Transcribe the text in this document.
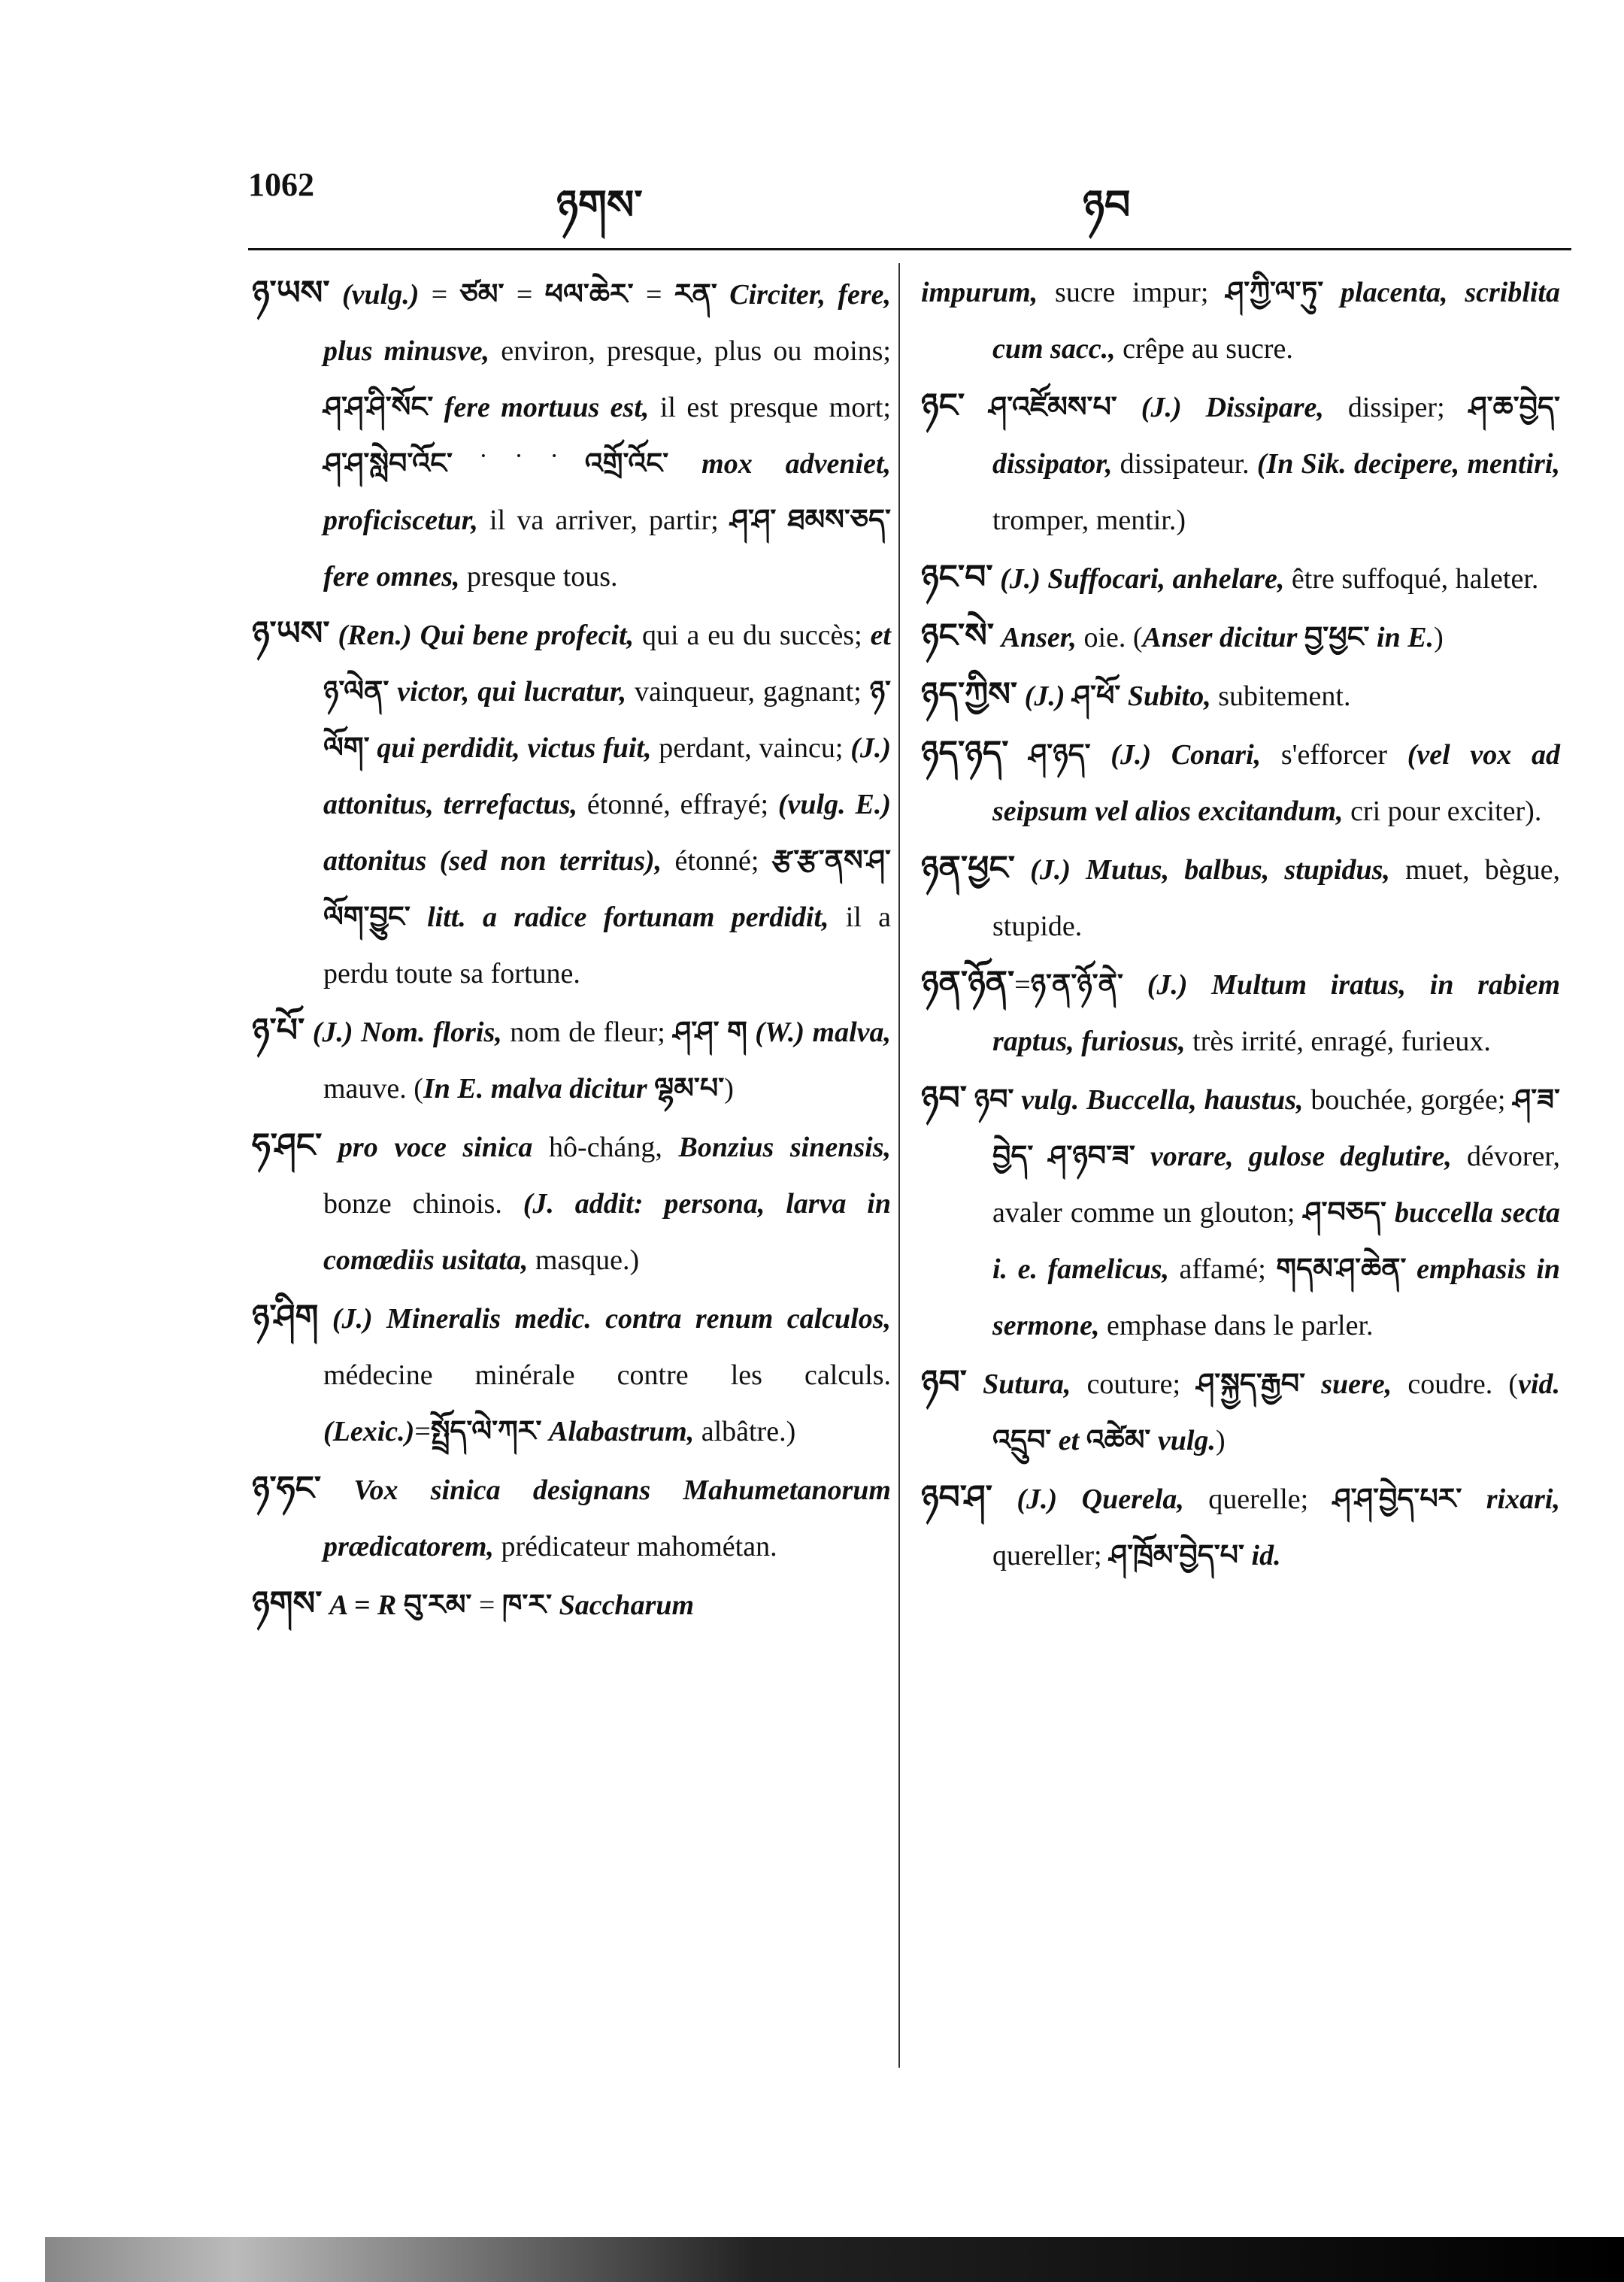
1062	ཉགས་	ཉབ

ཉ་ཡས་ (vulg.) = ཙམ་ = ཕལ་ཆེར་ = རན་ Circiter, fere, plus minusve, environ, presque, plus ou moins; ཤ་ཤ་ཤི་སོང་ fere mortuus est, il est presque mort; ཤ་ཤ་སླེབ་འོང་˙˙˙འགྲོ་འོང་ mox adveniet, proficiscetur, il va arriver, partir; ཤ་ཤ་ ཐམས་ཅད་ fere omnes, presque tous.

ཉ་ཡས་ (Ren.) Qui bene profecit, qui a eu du succès; et ཉ་ལེན་ victor, qui lucratur, vainqueur, gagnant; ཉ་ལོག་ qui perdidit, victus fuit, perdant, vaincu; (J.) attonitus, terrefactus, étonné, effrayé; (vulg. E.) attonitus (sed non territus), étonné; རྩ་རྩ་ནས་ཤ་ལོག་བྱུང་ litt. a radice fortunam perdidit, il a perdu toute sa fortune.

ཉ་པོ་ (J.) Nom. floris, nom de fleur; ཤ་ཤ་ ག (W.) malva, mauve. (In E. malva dicitur ལྷམ་པ་)

ཧ་ཤང་ pro voce sinica hô-cháng, Bonzius sinensis, bonze chinois. (J. addit: persona, larva in comœdiis usitata, masque.)

ཉ་ཤིག (J.) Mineralis medic. contra renum calculos, médecine minérale contre les calculs. (Lexic.)=སྤྲོད་ལེ་ཀར་ Alabastrum, albâtre.)

ཉ་ཧང་ Vox sinica designans Mahumetanorum prædicatorem, prédicateur mahométan.

ཉགས་ A = R བུ་རམ་ = ཁ་ར་ Saccharum

impurum, sucre impur; ཤ་ཀྱི་ལ་ཏུ་ placenta, scriblita cum sacc., crêpe au sucre.

ཉང་ ཤ་འཛོམས་པ་ (J.) Dissipare, dissiper; ཤ་ཆ་བྱེད་ dissipator, dissipateur. (In Sik. decipere, mentiri, tromper, mentir.)

ཉང་བ་ (J.) Suffocari, anhelare, être suffoqué, haleter.

ཉང་སེ་ Anser, oie. (Anser dicitur བྱ་ཕྱང་ in E.)

ཉད་ཀྱིས་ (J.) ཤ་ཕོ་ Subito, subitement.

ཉད་ཉད་ ཤ་ཉད་ (J.) Conari, s'efforcer (vel vox ad seipsum vel alios excitandum, cri pour exciter).

ཉན་ཕྱང་ (J.) Mutus, balbus, stupidus, muet, bègue, stupide.

ཉན་ཉོན་=ཉ་ན་ཉོ་ནེ་ (J.) Multum iratus, in rabiem raptus, furiosus, très irrité, enragé, furieux.

ཉབ་ ཉབ་ vulg. Buccella, haustus, bouchée, gorgée; ཤ་ཟ་བྱེད་ ཤ་ཉབ་ཟ་ vorare, gulose deglutire, dévorer, avaler comme un glouton; ཤ་བཅད་ buccella secta i. e. famelicus, affamé; གདམ་ཤ་ཆེན་ emphasis in sermone, emphase dans le parler.

ཉབ་ Sutura, couture; ཤ་སྐྱད་རྒྱབ་ suere, coudre. (vid. འདྲུབ་ et འཚེམ་ vulg.)

ཉབ་ཤ་ (J.) Querela, querelle; ཤ་ཤ་བྱེད་པར་ rixari, quereller; ཤ་ཁྲོམ་བྱེད་པ་ id.
